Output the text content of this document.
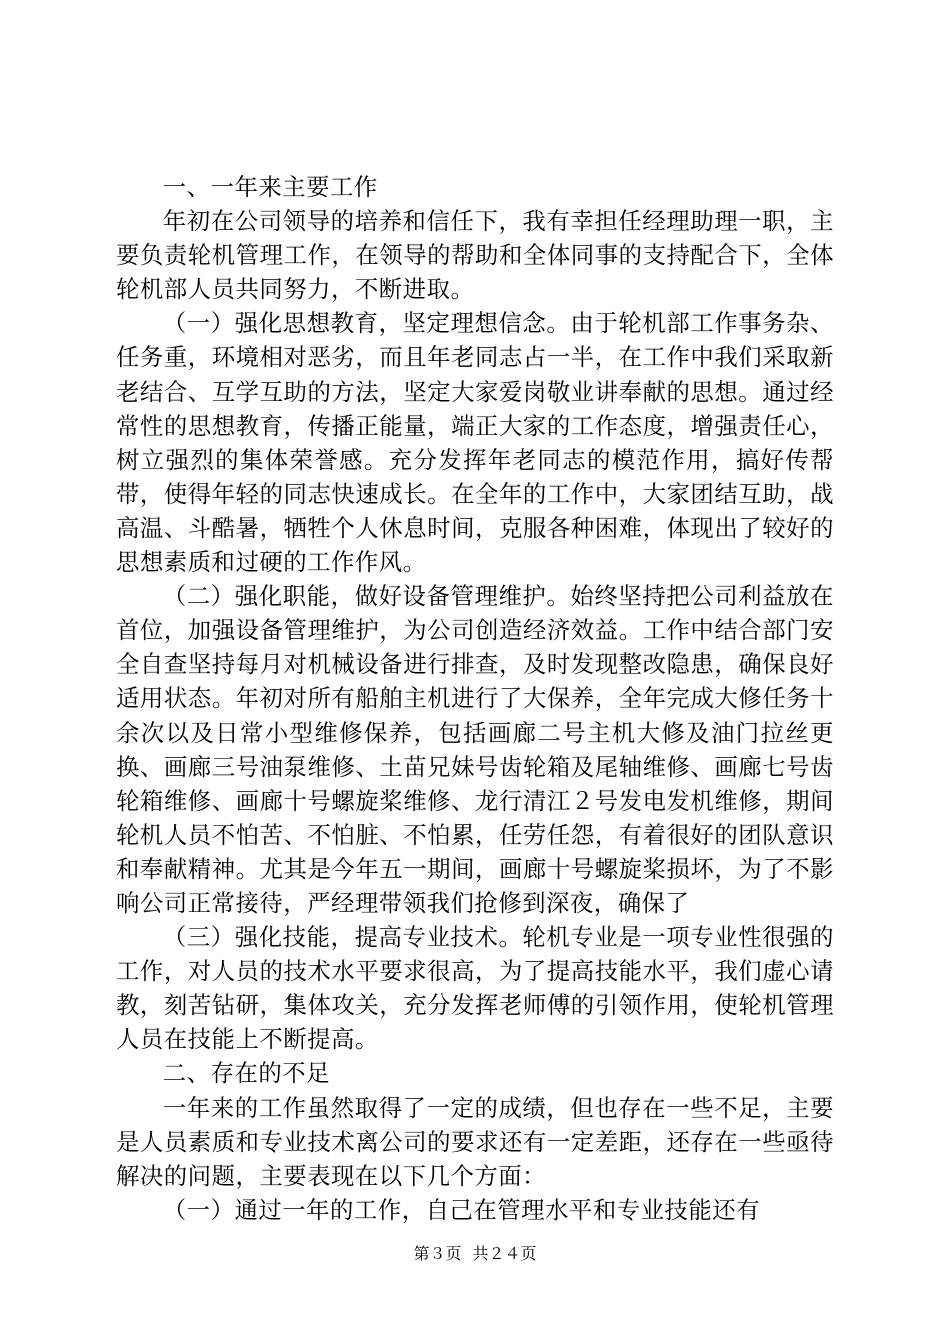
一、一年来主要工作

年初在公司领导的培养和信任下，我有幸担任经理助理一职，主要负责轮机管理工作，在领导的帮助和全体同事的支持配合下，全体轮机部人员共同努力，不断进取。

（一）强化思想教育，坚定理想信念。由于轮机部工作事务杂、任务重，环境相对恶劣，而且年老同志占一半，在工作中我们采取新老结合、互学互助的方法，坚定大家爱岗敬业讲奉献的思想。通过经常性的思想教育，传播正能量，端正大家的工作态度，增强责任心，树立强烈的集体荣誉感。充分发挥年老同志的模范作用，搞好传帮带，使得年轻的同志快速成长。在全年的工作中，大家团结互助，战高温、斗酷暑，牺牲个人休息时间，克服各种困难，体现出了较好的思想素质和过硬的工作作风。

（二）强化职能，做好设备管理维护。始终坚持把公司利益放在首位，加强设备管理维护，为公司创造经济效益。工作中结合部门安全自查坚持每月对机械设备进行排查，及时发现整改隐患，确保良好适用状态。年初对所有船舶主机进行了大保养，全年完成大修任务十余次以及日常小型维修保养，包括画廊二号主机大修及油门拉丝更换、画廊三号油泵维修、土苗兄妹号齿轮箱及尾轴维修、画廊七号齿轮箱维修、画廊十号螺旋桨维修、龙行清江２号发电发机维修，期间轮机人员不怕苦、不怕脏、不怕累，任劳任怨，有着很好的团队意识和奉献精神。尤其是今年五一期间，画廊十号螺旋桨损坏，为了不影响公司正常接待，严经理带领我们抢修到深夜，确保了

（三）强化技能，提高专业技术。轮机专业是一项专业性很强的工作，对人员的技术水平要求很高，为了提高技能水平，我们虚心请教，刻苦钻研，集体攻关，充分发挥老师傅的引领作用，使轮机管理人员在技能上不断提高。

二、存在的不足

一年来的工作虽然取得了一定的成绩，但也存在一些不足，主要是人员素质和专业技术离公司的要求还有一定差距，还存在一些亟待解决的问题，主要表现在以下几个方面：

（一）通过一年的工作，自己在管理水平和专业技能还有

第３页 共２４页
